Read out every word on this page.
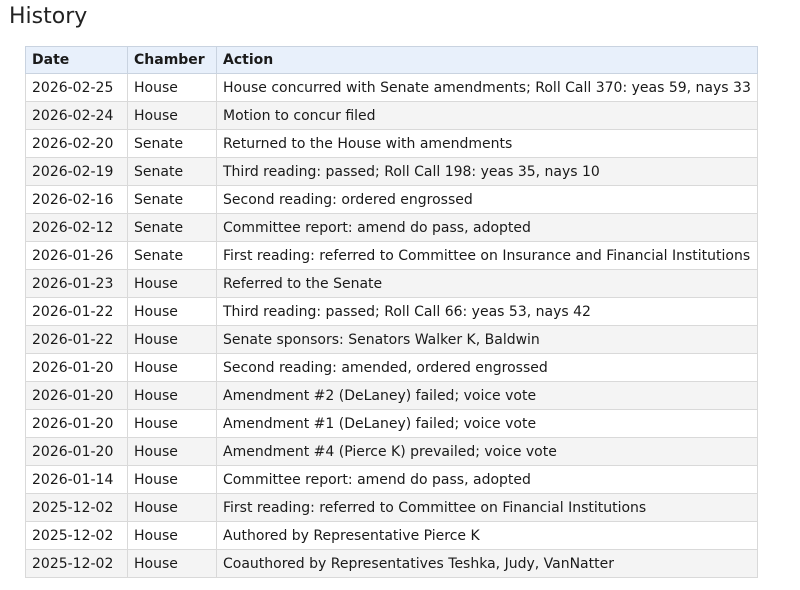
History
Date	Chamber	Action
2026-02-25	House	House concurred with Senate amendments; Roll Call 370: yeas 59, nays 33
2026-02-24	House	Motion to concur filed
2026-02-20	Senate	Returned to the House with amendments
2026-02-19	Senate	Third reading: passed; Roll Call 198: yeas 35, nays 10
2026-02-16	Senate	Second reading: ordered engrossed
2026-02-12	Senate	Committee report: amend do pass, adopted
2026-01-26	Senate	First reading: referred to Committee on Insurance and Financial Institutions
2026-01-23	House	Referred to the Senate
2026-01-22	House	Third reading: passed; Roll Call 66: yeas 53, nays 42
2026-01-22	House	Senate sponsors: Senators Walker K, Baldwin
2026-01-20	House	Second reading: amended, ordered engrossed
2026-01-20	House	Amendment #2 (DeLaney) failed; voice vote
2026-01-20	House	Amendment #1 (DeLaney) failed; voice vote
2026-01-20	House	Amendment #4 (Pierce K) prevailed; voice vote
2026-01-14	House	Committee report: amend do pass, adopted
2025-12-02	House	First reading: referred to Committee on Financial Institutions
2025-12-02	House	Authored by Representative Pierce K
2025-12-02	House	Coauthored by Representatives Teshka, Judy, VanNatter
